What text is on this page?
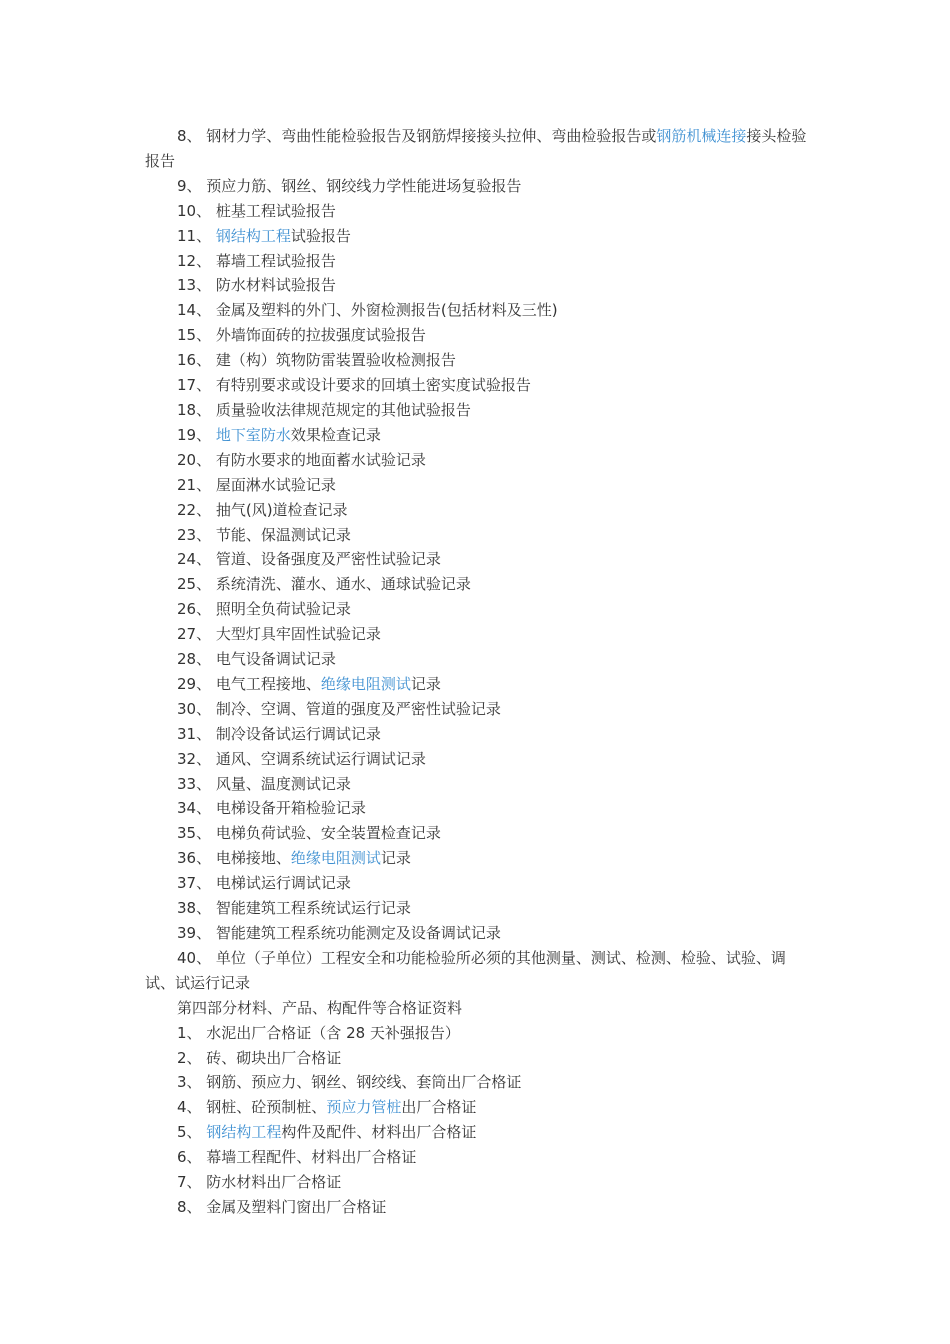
8、 钢材力学、弯曲性能检验报告及钢筋焊接接头拉伸、弯曲检验报告或钢筋机械连接接头检验报告

9、 预应力筋、钢丝、钢绞线力学性能进场复验报告

10、 桩基工程试验报告

11、 钢结构工程试验报告

12、 幕墙工程试验报告

13、 防水材料试验报告

14、 金属及塑料的外门、外窗检测报告(包括材料及三性)

15、 外墙饰面砖的拉拔强度试验报告

16、 建（构）筑物防雷装置验收检测报告

17、 有特别要求或设计要求的回填土密实度试验报告

18、 质量验收法律规范规定的其他试验报告

19、 地下室防水效果检查记录

20、 有防水要求的地面蓄水试验记录

21、 屋面淋水试验记录

22、 抽气(风)道检查记录

23、 节能、保温测试记录

24、 管道、设备强度及严密性试验记录

25、 系统清洗、灌水、通水、通球试验记录

26、 照明全负荷试验记录

27、 大型灯具牢固性试验记录

28、 电气设备调试记录

29、 电气工程接地、绝缘电阻测试记录

30、 制冷、空调、管道的强度及严密性试验记录

31、 制冷设备试运行调试记录

32、 通风、空调系统试运行调试记录

33、 风量、温度测试记录

34、 电梯设备开箱检验记录

35、 电梯负荷试验、安全装置检查记录

36、 电梯接地、绝缘电阻测试记录

37、 电梯试运行调试记录

38、 智能建筑工程系统试运行记录

39、 智能建筑工程系统功能测定及设备调试记录

40、 单位（子单位）工程安全和功能检验所必须的其他测量、测试、检测、检验、试验、调试、试运行记录

第四部分材料、产品、构配件等合格证资料

1、 水泥出厂合格证（含 28 天补强报告）

2、 砖、砌块出厂合格证

3、 钢筋、预应力、钢丝、钢绞线、套筒出厂合格证

4、 钢桩、砼预制桩、预应力管桩出厂合格证

5、 钢结构工程构件及配件、材料出厂合格证

6、 幕墙工程配件、材料出厂合格证

7、 防水材料出厂合格证

8、 金属及塑料门窗出厂合格证
